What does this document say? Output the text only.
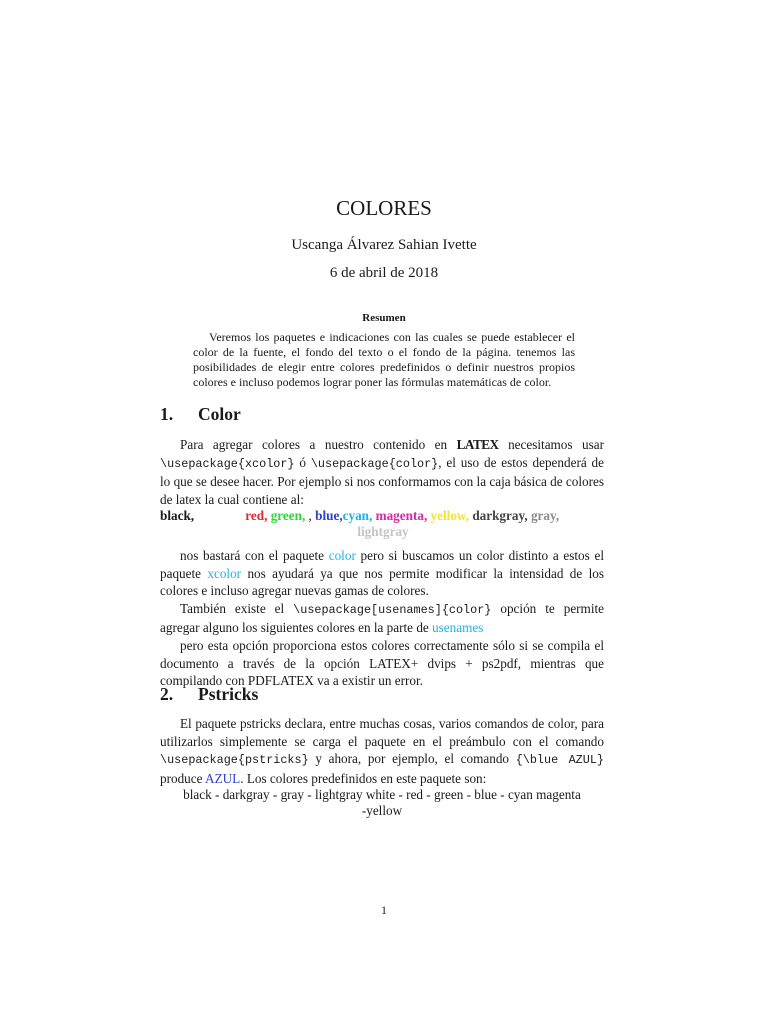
COLORES
Uscanga Álvarez Sahian Ivette
6 de abril de 2018
Resumen

Veremos los paquetes e indicaciones con las cuales se puede establecer el color de la fuente, el fondo del texto o el fondo de la página. tenemos las posibilidades de elegir entre colores predefinidos o definir nuestros propios colores e incluso podemos lograr poner las fórmulas matemáticas de color.

1. Color

Para agregar colores a nuestro contenido en LATEX necesitamos usar \usepackage{xcolor} ó \usepackage{color}, el uso de estos dependerá de lo que se desee hacer. Por ejemplo si nos conformamos con la caja básica de colores de latex la cual contiene al:

black,	red, green, , blue,cyan, magenta, yellow, darkgray, gray,
lightgray

nos bastará con el paquete color pero si buscamos un color distinto a estos el paquete xcolor nos ayudará ya que nos permite modificar la intensidad de los colores e incluso agregar nuevas gamas de colores.

También existe el \usepackage[usenames]{color} opción te permite agregar alguno los siguientes colores en la parte de usenames

pero esta opción proporciona estos colores correctamente sólo si se compila el documento a través de la opción LATEX+ dvips + ps2pdf, mientras que compilando con PDFLATEX va a existir un error.

2. Pstricks

El paquete pstricks declara, entre muchas cosas, varios comandos de color, para utilizarlos simplemente se carga el paquete en el preámbulo con el comando \usepackage{pstricks} y ahora, por ejemplo, el comando {\blue AZUL} produce AZUL. Los colores predefinidos en este paquete son:

black - darkgray - gray - lightgray white - red - green - blue - cyan magenta
-yellow
1
